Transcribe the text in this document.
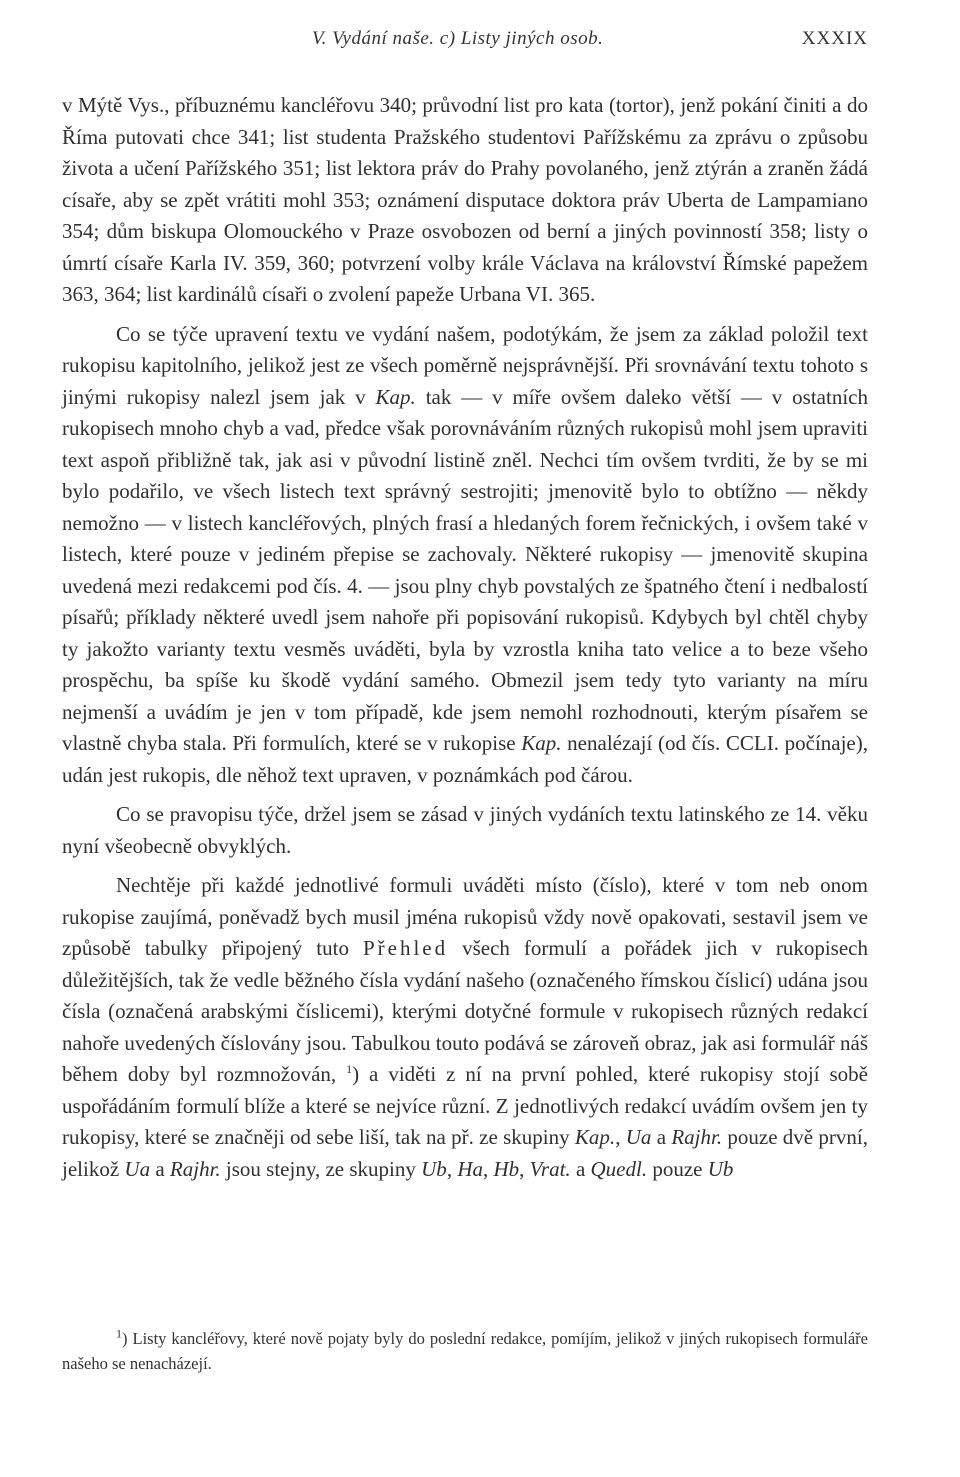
V. Vydání naše. c) Listy jiných osob.	XXXIX

v Mýtě Vys., příbuznému kancléřovu 340; průvodní list pro kata (tortor), jenž pokání činiti a do Říma putovati chce 341; list studenta Pražského studentovi Pařížskému za zprávu o způsobu života a učení Pařížského 351; list lektora práv do Prahy povolaného, jenž ztýrán a zraněn žádá císaře, aby se zpět vrátiti mohl 353; oznámení disputace doktora práv Uberta de Lampamiano 354; dům biskupa Olomouckého v Praze osvobozen od berní a jiných povinností 358; listy o úmrtí císaře Karla IV. 359, 360; potvrzení volby krále Václava na království Římské papežem 363, 364; list kardinálů císaři o zvolení papeže Urbana VI. 365.

Co se týče upravení textu ve vydání našem, podotýkám, že jsem za základ položil text rukopisu kapitolního, jelikož jest ze všech poměrně nejsprávnější. Při srovnávání textu tohoto s jinými rukopisy nalezl jsem jak v Kap. tak — v míře ovšem daleko větší — v ostatních rukopisech mnoho chyb a vad, předce však porovnáváním různých rukopisů mohl jsem upraviti text aspoň přibližně tak, jak asi v původní listině zněl. Nechci tím ovšem tvrditi, že by se mi bylo podařilo, ve všech listech text správný sestrojiti; jmenovitě bylo to obtížno — někdy nemožno — v listech kancléřových, plných frasí a hledaných forem řečnických, i ovšem také v listech, které pouze v jediném přepise se zachovaly. Některé rukopisy — jmenovitě skupina uvedená mezi redakcemi pod čís. 4. — jsou plny chyb povstalých ze špatného čtení i nedbalostí písařů; příklady některé uvedl jsem nahoře při popisování rukopisů. Kdybych byl chtěl chyby ty jakožto varianty textu vesměs uváděti, byla by vzrostla kniha tato velice a to beze všeho prospěchu, ba spíše ku škodě vydání samého. Obmezil jsem tedy tyto varianty na míru nejmenší a uvádím je jen v tom případě, kde jsem nemohl rozhodnouti, kterým písařem se vlastně chyba stala. Při formulích, které se v rukopise Kap. nenalézají (od čís. CCLI. počínaje), udán jest rukopis, dle něhož text upraven, v poznámkách pod čárou.

Co se pravopisu týče, držel jsem se zásad v jiných vydáních textu latinského ze 14. věku nyní všeobecně obvyklých.

Nechtěje při každé jednotlivé formuli uváděti místo (číslo), které v tom neb onom rukopise zaujímá, poněvadž bych musil jména rukopisů vždy nově opakovati, sestavil jsem ve způsobě tabulky připojený tuto Přehled všech formulí a pořádek jich v rukopisech důležitějších, tak že vedle běžného čísla vydání našeho (označeného římskou číslicí) udána jsou čísla (označená arabskými číslicemi), kterými dotyčné formule v rukopisech různých redakcí nahoře uvedených číslovány jsou. Tabulkou touto podává se zároveň obraz, jak asi formulář náš během doby byl rozmnožován, $^1$) a viděti z ní na první pohled, které rukopisy stojí sobě uspořádáním formulí blíže a které se nejvíce různí. Z jednotlivých redakcí uvádím ovšem jen ty rukopisy, které se značněji od sebe liší, tak na př. ze skupiny Kap., Ua a Rajhr. pouze dvě první, jelikož Ua a Rajhr. jsou stejny, ze skupiny Ub, Ha, Hb, Vrat. a Quedl. pouze Ub

$^1$) Listy kancléřovy, které nově pojaty byly do poslední redakce, pomíjím, jelikož v jiných rukopisech formuláře našeho se nenacházejí.
